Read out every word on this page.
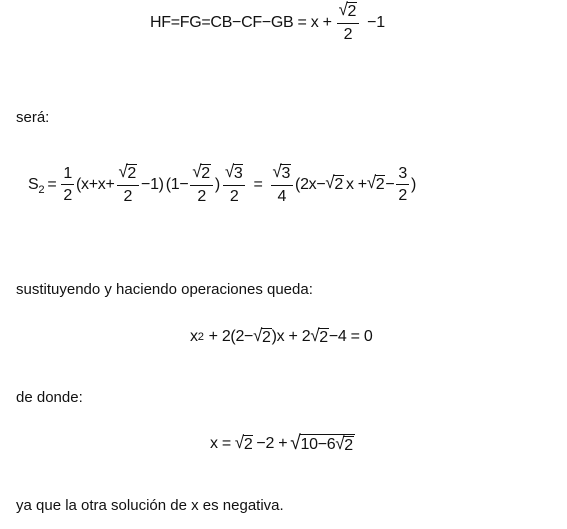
$HF=FG=CB-CF-GB = x + \frac{√ 2}{2} -1$
será:
$S_2 = \frac{1}{2} (x+x+ \frac{√ 2}{2} -1)$ ($1- \frac{√ 2}{2}$ ) $\frac{√ 3}{2} = \frac{√ 3}{4} (2x-$ √ 2 x + √ $2 - \frac{3}{2}$ )
sustituyendo y haciendo operaciones queda:
x 2 + 2(2− √ 2 )x + 2 √ 2 −4 = 0
de donde:
x = √ 2 −2 + √ 10−6 √ 2
ya que la otra solución de x es negativa.
